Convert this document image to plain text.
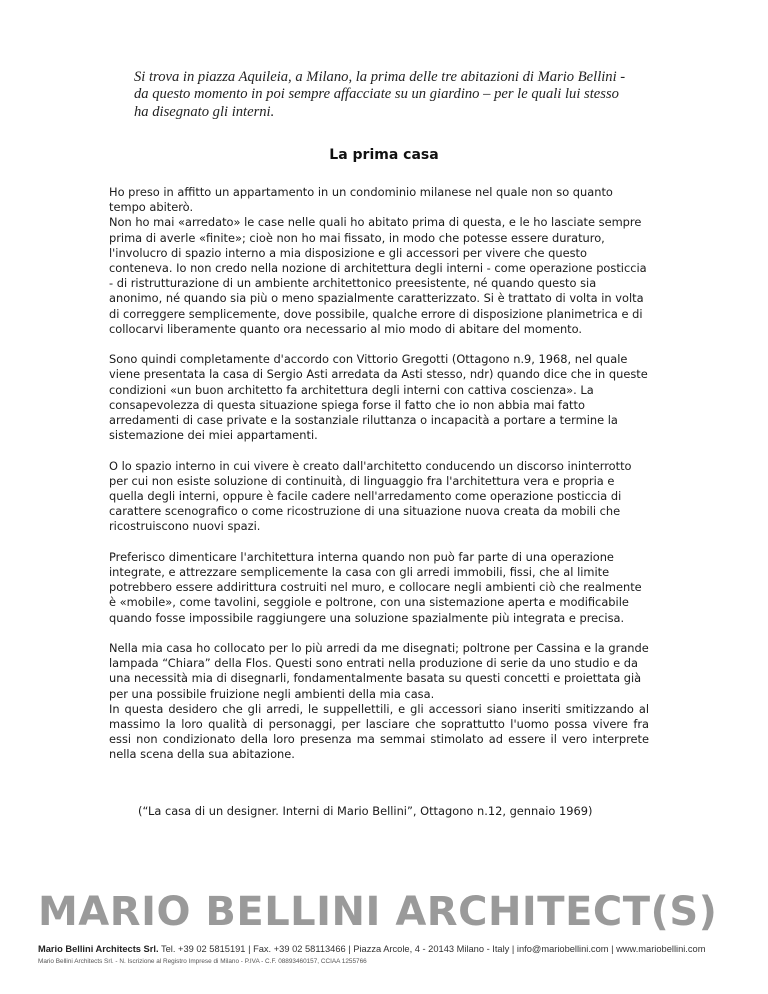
Si trova in piazza Aquileia, a Milano, la prima delle tre abitazioni di Mario Bellini - da questo momento in poi sempre affacciate su un giardino – per le quali lui stesso ha disegnato gli interni.

La prima casa

Ho preso in affitto un appartamento in un condominio milanese nel quale non so quanto tempo abiterò.

Non ho mai «arredato» le case nelle quali ho abitato prima di questa, e le ho lasciate sempre prima di averle «finite»; cioè non ho mai fissato, in modo che potesse essere duraturo, l'involucro di spazio interno a mia disposizione e gli accessori per vivere che questo conteneva. Io non credo nella nozione di architettura degli interni - come operazione posticcia - di ristrutturazione di un ambiente architettonico preesistente, né quando questo sia anonimo, né quando sia più o meno spazialmente caratterizzato. Si è trattato di volta in volta di correggere semplicemente, dove possibile, qualche errore di disposizione planimetrica e di collocarvi liberamente quanto ora necessario al mio modo di abitare del momento.

Sono quindi completamente d'accordo con Vittorio Gregotti (Ottagono n.9, 1968, nel quale viene presentata la casa di Sergio Asti arredata da Asti stesso, ndr) quando dice che in queste condizioni «un buon architetto fa architettura degli interni con cattiva coscienza». La consapevolezza di questa situazione spiega forse il fatto che io non abbia mai fatto arredamenti di case private e la sostanziale riluttanza o incapacità a portare a termine la sistemazione dei miei appartamenti.

O lo spazio interno in cui vivere è creato dall'architetto conducendo un discorso ininterrotto per cui non esiste soluzione di continuità, di linguaggio fra l'architettura vera e propria e quella degli interni, oppure è facile cadere nell'arredamento come operazione posticcia di carattere scenografico o come ricostruzione di una situazione nuova creata da mobili che ricostruiscono nuovi spazi.

Preferisco dimenticare l'architettura interna quando non può far parte di una operazione integrate, e attrezzare semplicemente la casa con gli arredi immobili, fissi, che al limite potrebbero essere addirittura costruiti nel muro, e collocare negli ambienti ciò che realmente è «mobile», come tavolini, seggiole e poltrone, con una sistemazione aperta e modificabile quando fosse impossibile raggiungere una soluzione spazialmente più integrata e precisa.

Nella mia casa ho collocato per lo più arredi da me disegnati; poltrone per Cassina e la grande lampada “Chiara” della Flos. Questi sono entrati nella produzione di serie da uno studio e da una necessità mia di disegnarli, fondamentalmente basata su questi concetti e proiettata già per una possibile fruizione negli ambienti della mia casa.

In questa desidero che gli arredi, le suppellettili, e gli accessori siano inseriti smitizzando al massimo la loro qualità di personaggi, per lasciare che soprattutto l'uomo possa vivere fra essi non condizionato della loro presenza ma semmai stimolato ad essere il vero interprete nella scena della sua abitazione.

(“La casa di un designer. Interni di Mario Bellini”, Ottagono n.12, gennaio 1969)

MARIO BELLINI ARCHITECT(S)

Mario Bellini Architects Srl. Tel. +39 02 5815191 | Fax. +39 02 58113466 | Piazza Arcole, 4 - 20143 Milano - Italy | info@mariobellini.com | www.mariobellini.com

Mario Bellini Architects Srl. - N. Iscrizione al Registro Imprese di Milano - P.IVA - C.F. 08893460157, CCIAA 1255766
